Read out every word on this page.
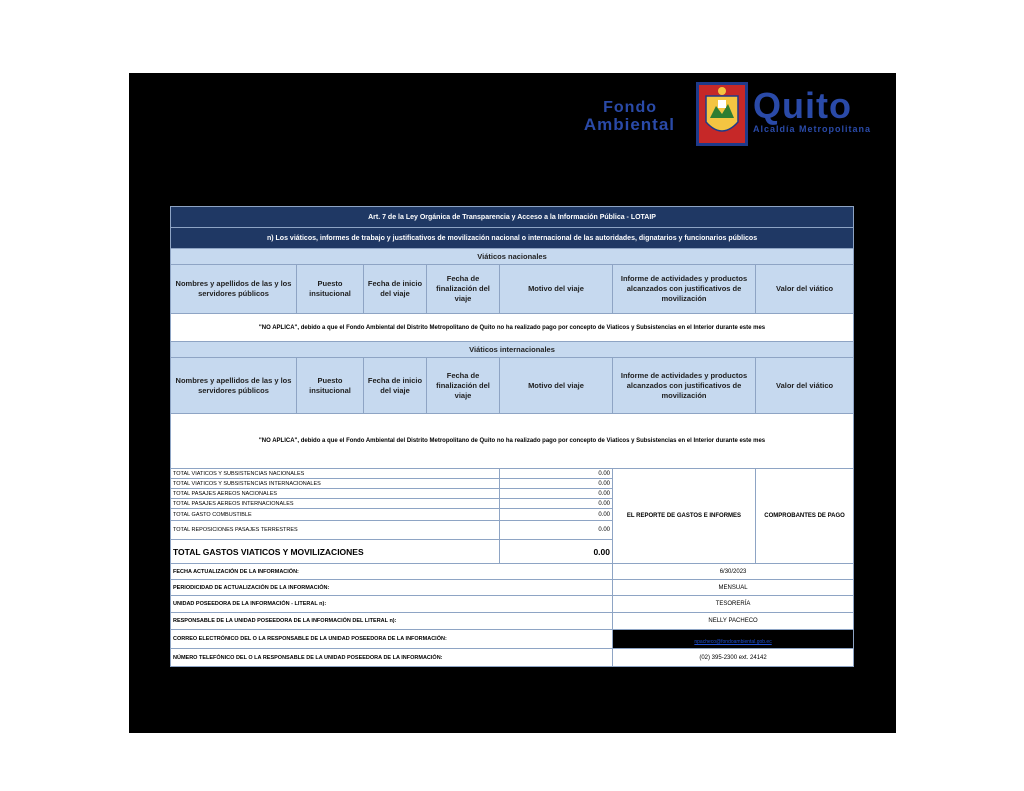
Fondo
Ambiental Quito
Alcaldía Metropolitana
Art. 7 de la Ley Orgánica de Transparencia y Acceso a la Información Pública - LOTAIP						
n) Los viáticos, informes de trabajo y justificativos de movilización nacional o internacional de las autoridades, dignatarios y funcionarios públicos						
Viáticos nacionales						
Nombres y apellidos de las y los servidores públicos	Puesto insitucional	Fecha de inicio del viaje	Fecha de finalización del viaje	Motivo del viaje	Informe de actividades y productos alcanzados con justificativos de movilización	Valor del viático
"NO APLICA", debido a que el Fondo Ambiental del Distrito Metropolitano de Quito no ha realizado pago por concepto de Viaticos y Subsistencias en el Interior durante este mes						
Viáticos internacionales						
Nombres y apellidos de las y los servidores públicos	Puesto insitucional	Fecha de inicio del viaje	Fecha de finalización del viaje	Motivo del viaje	Informe de actividades y productos alcanzados con justificativos de movilización	Valor del viático
"NO APLICA", debido a que el Fondo Ambiental del Distrito Metropolitano de Quito no ha realizado pago por concepto de Viaticos y Subsistencias en el Interior durante este mes						
TOTAL VIATICOS Y SUBSISTENCIAS NACIONALES				0.00	EL REPORTE DE GASTOS E INFORMES	COMPROBANTES DE PAGO
TOTAL VIATICOS Y SUBSISTENCIAS INTERNACIONALES				0.00		
TOTAL PASAJES AEREOS NACIONALES				0.00		
TOTAL PASAJES AEREOS INTERNACIONALES				0.00		
TOTAL GASTO COMBUSTIBLE				0.00		
TOTAL REPOSICIONES PASAJES TERRESTRES				0.00		
TOTAL GASTOS VIATICOS Y MOVILIZACIONES				0.00		
FECHA ACTUALIZACIÓN DE LA INFORMACIÓN:					6/30/2023	
PERIODICIDAD DE ACTUALIZACIÓN DE LA INFORMACIÓN:					MENSUAL	
UNIDAD POSEEDORA DE LA INFORMACIÓN - LITERAL n):					TESORERÍA	
RESPONSABLE DE LA UNIDAD POSEEDORA DE LA INFORMACIÓN DEL LITERAL n):					NELLY PACHECO	
CORREO ELECTRÓNICO DEL O LA RESPONSABLE DE LA UNIDAD POSEEDORA DE LA INFORMACIÓN:					npacheco@fondoambiental.gob.ec	
NÚMERO TELEFÓNICO DEL O LA RESPONSABLE DE LA UNIDAD POSEEDORA DE LA INFORMACIÓN:					(02) 395-2300 ext. 24142	
